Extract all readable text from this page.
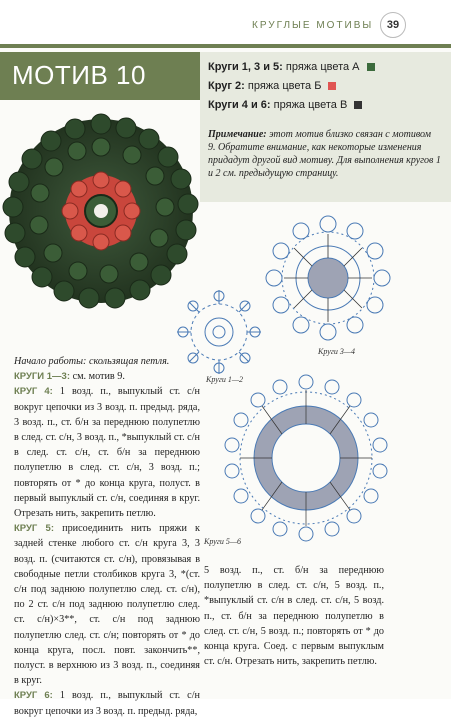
КРУГЛЫЕ МОТИВЫ	39
МОТИВ 10	Круги 1, 3 и 5: пряжа цвета А
Круг 2: пряжа цвета Б
Круги 4 и 6: пряжа цвета В
Примечание: этот мотив близко связан с мотивом 9. Обратите внимание, как некоторые изменения придадут другой вид мотиву. Для выполнения кругов 1 и 2 см. предыдущую страницу.
Круги 1—2
Круги 3—4
Круги 5—6

Начало работы: скользящая петля.

КРУГИ 1—3: см. мотив 9.

КРУГ 4: 1 возд. п., выпуклый ст. с/н вокруг цепочки из 3 возд. п. предыд. ряда, 3 возд. п., ст. б/н за переднюю полупетлю в след. ст. с/н, 3 возд. п., *выпуклый ст. с/н в след. ст. с/н, ст. б/н за переднюю полупетлю в след. ст. с/н, 3 возд. п.; повторять от * до конца круга, полуст. в первый выпуклый ст. с/н, соединяя в круг. Отрезать нить, закрепить петлю.

КРУГ 5: присоединить нить пряжи к задней стенке любого ст. с/н круга 3, 3 возд. п. (считаются ст. с/н), провязывая в свободные петли столбиков круга 3, *(ст. с/н под заднюю полупетлю след. ст. с/н), по 2 ст. с/н под заднюю полупетлю след. ст. с/н)×3**, ст. с/н под заднюю полупетлю след. ст. с/н; повторять от * до конца круга, посл. повт. закончить**, полуст. в верхнюю из 3 возд. п., соединяя в круг.

КРУГ 6: 1 возд. п., выпуклый ст. с/н вокруг цепочки из 3 возд. п. предыд. ряда,

5 возд. п., ст. б/н за переднюю полупетлю в след. ст. с/н, 5 возд. п., *выпуклый ст. с/н в след. ст. с/н, 5 возд. п., ст. б/н за переднюю полупетлю в след. ст. с/н, 5 возд. п.; повторять от * до конца круга. Соед. с первым выпуклым ст. с/н. Отрезать нить, закрепить петлю.
